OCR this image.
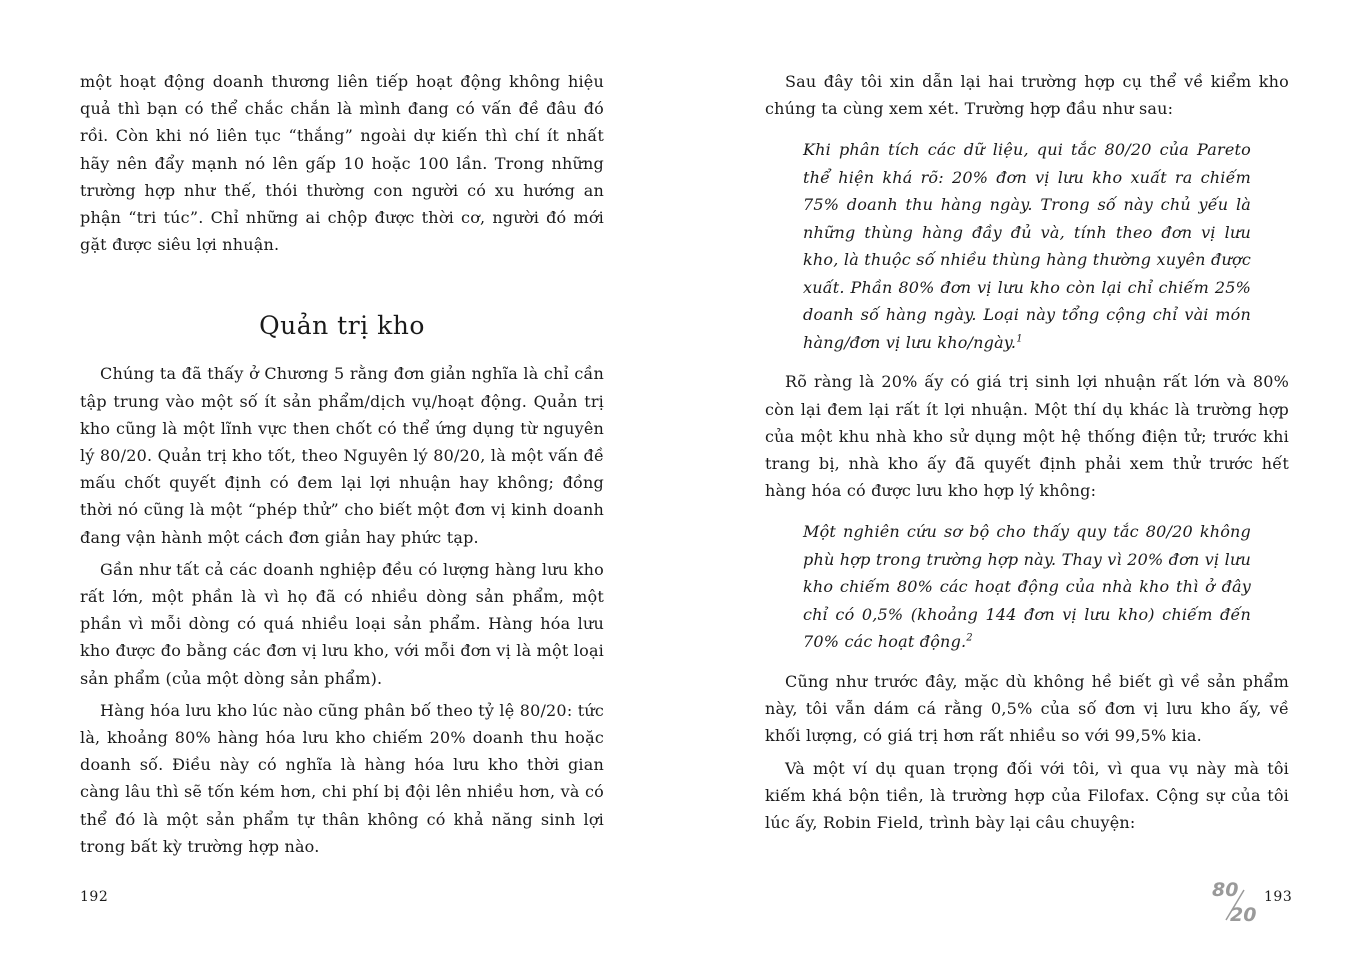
một hoạt động doanh thương liên tiếp hoạt động không hiệu quả thì bạn có thể chắc chắn là mình đang có vấn đề đâu đó rồi. Còn khi nó liên tục “thắng” ngoài dự kiến thì chí ít nhất hãy nên đẩy mạnh nó lên gấp 10 hoặc 100 lần. Trong những trường hợp như thế, thói thường con người có xu hướng an phận “tri túc”. Chỉ những ai chộp được thời cơ, người đó mới gặt được siêu lợi nhuận.

Quản trị kho

Chúng ta đã thấy ở Chương 5 rằng đơn giản nghĩa là chỉ cần tập trung vào một số ít sản phẩm/dịch vụ/hoạt động. Quản trị kho cũng là một lĩnh vực then chốt có thể ứng dụng từ nguyên lý 80/20. Quản trị kho tốt, theo Nguyên lý 80/20, là một vấn đề mấu chốt quyết định có đem lại lợi nhuận hay không; đồng thời nó cũng là một “phép thử” cho biết một đơn vị kinh doanh đang vận hành một cách đơn giản hay phức tạp.

Gần như tất cả các doanh nghiệp đều có lượng hàng lưu kho rất lớn, một phần là vì họ đã có nhiều dòng sản phẩm, một phần vì mỗi dòng có quá nhiều loại sản phẩm. Hàng hóa lưu kho được đo bằng các đơn vị lưu kho, với mỗi đơn vị là một loại sản phẩm (của một dòng sản phẩm).

Hàng hóa lưu kho lúc nào cũng phân bố theo tỷ lệ 80/20: tức là, khoảng 80% hàng hóa lưu kho chiếm 20% doanh thu hoặc doanh số. Điều này có nghĩa là hàng hóa lưu kho thời gian càng lâu thì sẽ tốn kém hơn, chi phí bị đội lên nhiều hơn, và có thể đó là một sản phẩm tự thân không có khả năng sinh lợi trong bất kỳ trường hợp nào.

Sau đây tôi xin dẫn lại hai trường hợp cụ thể về kiểm kho chúng ta cùng xem xét. Trường hợp đầu như sau:

Khi phân tích các dữ liệu, qui tắc 80/20 của Pareto thể hiện khá rõ: 20% đơn vị lưu kho xuất ra chiếm 75% doanh thu hàng ngày. Trong số này chủ yếu là những thùng hàng đầy đủ và, tính theo đơn vị lưu kho, là thuộc số nhiều thùng hàng thường xuyên được xuất. Phần 80% đơn vị lưu kho còn lại chỉ chiếm 25% doanh số hàng ngày. Loại này tổng cộng chỉ vài món hàng/đơn vị lưu kho/ngày.$^1$

Rõ ràng là 20% ấy có giá trị sinh lợi nhuận rất lớn và 80% còn lại đem lại rất ít lợi nhuận. Một thí dụ khác là trường hợp của một khu nhà kho sử dụng một hệ thống điện tử; trước khi trang bị, nhà kho ấy đã quyết định phải xem thử trước hết hàng hóa có được lưu kho hợp lý không:

Một nghiên cứu sơ bộ cho thấy quy tắc 80/20 không phù hợp trong trường hợp này. Thay vì 20% đơn vị lưu kho chiếm 80% các hoạt động của nhà kho thì ở đây chỉ có 0,5% (khoảng 144 đơn vị lưu kho) chiếm đến 70% các hoạt động.$^2$

Cũng như trước đây, mặc dù không hề biết gì về sản phẩm này, tôi vẫn dám cá rằng 0,5% của số đơn vị lưu kho ấy, về khối lượng, có giá trị hơn rất nhiều so với 99,5% kia.

Và một ví dụ quan trọng đối với tôi, vì qua vụ này mà tôi kiếm khá bộn tiền, là trường hợp của Filofax. Cộng sự của tôi lúc ấy, Robin Field, trình bày lại câu chuyện:

192	80
20
193
